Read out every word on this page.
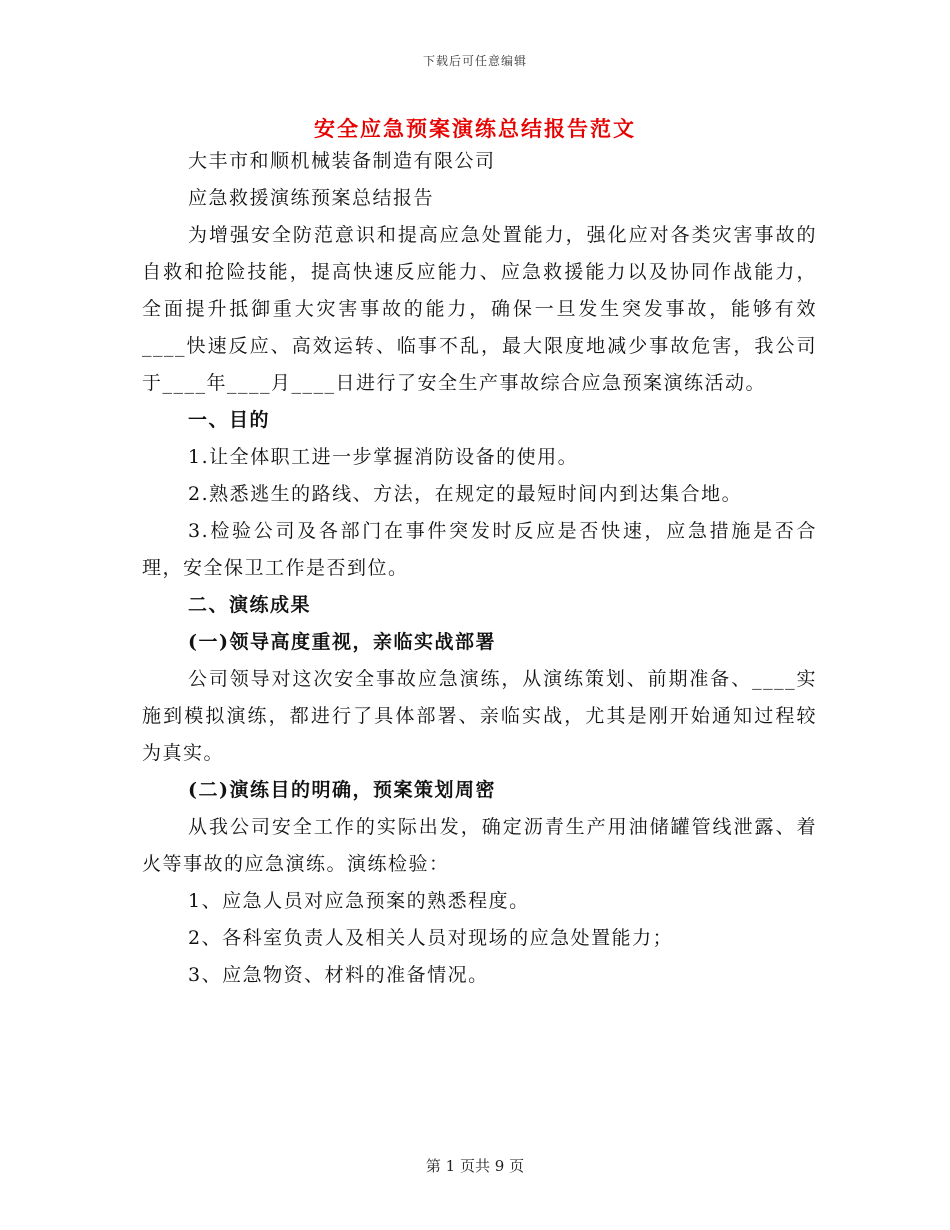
下载后可任意编辑
安全应急预案演练总结报告范文

大丰市和顺机械装备制造有限公司

应急救援演练预案总结报告

为增强安全防范意识和提高应急处置能力，强化应对各类灾害事故的自救和抢险技能，提高快速反应能力、应急救援能力以及协同作战能力，全面提升抵御重大灾害事故的能力，确保一旦发生突发事故，能够有效____快速反应、高效运转、临事不乱，最大限度地减少事故危害，我公司于____年____月____日进行了安全生产事故综合应急预案演练活动。

一、目的

1.让全体职工进一步掌握消防设备的使用。

2.熟悉逃生的路线、方法，在规定的最短时间内到达集合地。

3.检验公司及各部门在事件突发时反应是否快速，应急措施是否合理，安全保卫工作是否到位。

二、演练成果

(一)领导高度重视，亲临实战部署

公司领导对这次安全事故应急演练，从演练策划、前期准备、____实施到模拟演练，都进行了具体部署、亲临实战，尤其是刚开始通知过程较为真实。

(二)演练目的明确，预案策划周密

从我公司安全工作的实际出发，确定沥青生产用油储罐管线泄露、着火等事故的应急演练。演练检验：

1、应急人员对应急预案的熟悉程度。

2、各科室负责人及相关人员对现场的应急处置能力；

3、应急物资、材料的准备情况。

第 1 页共 9 页
